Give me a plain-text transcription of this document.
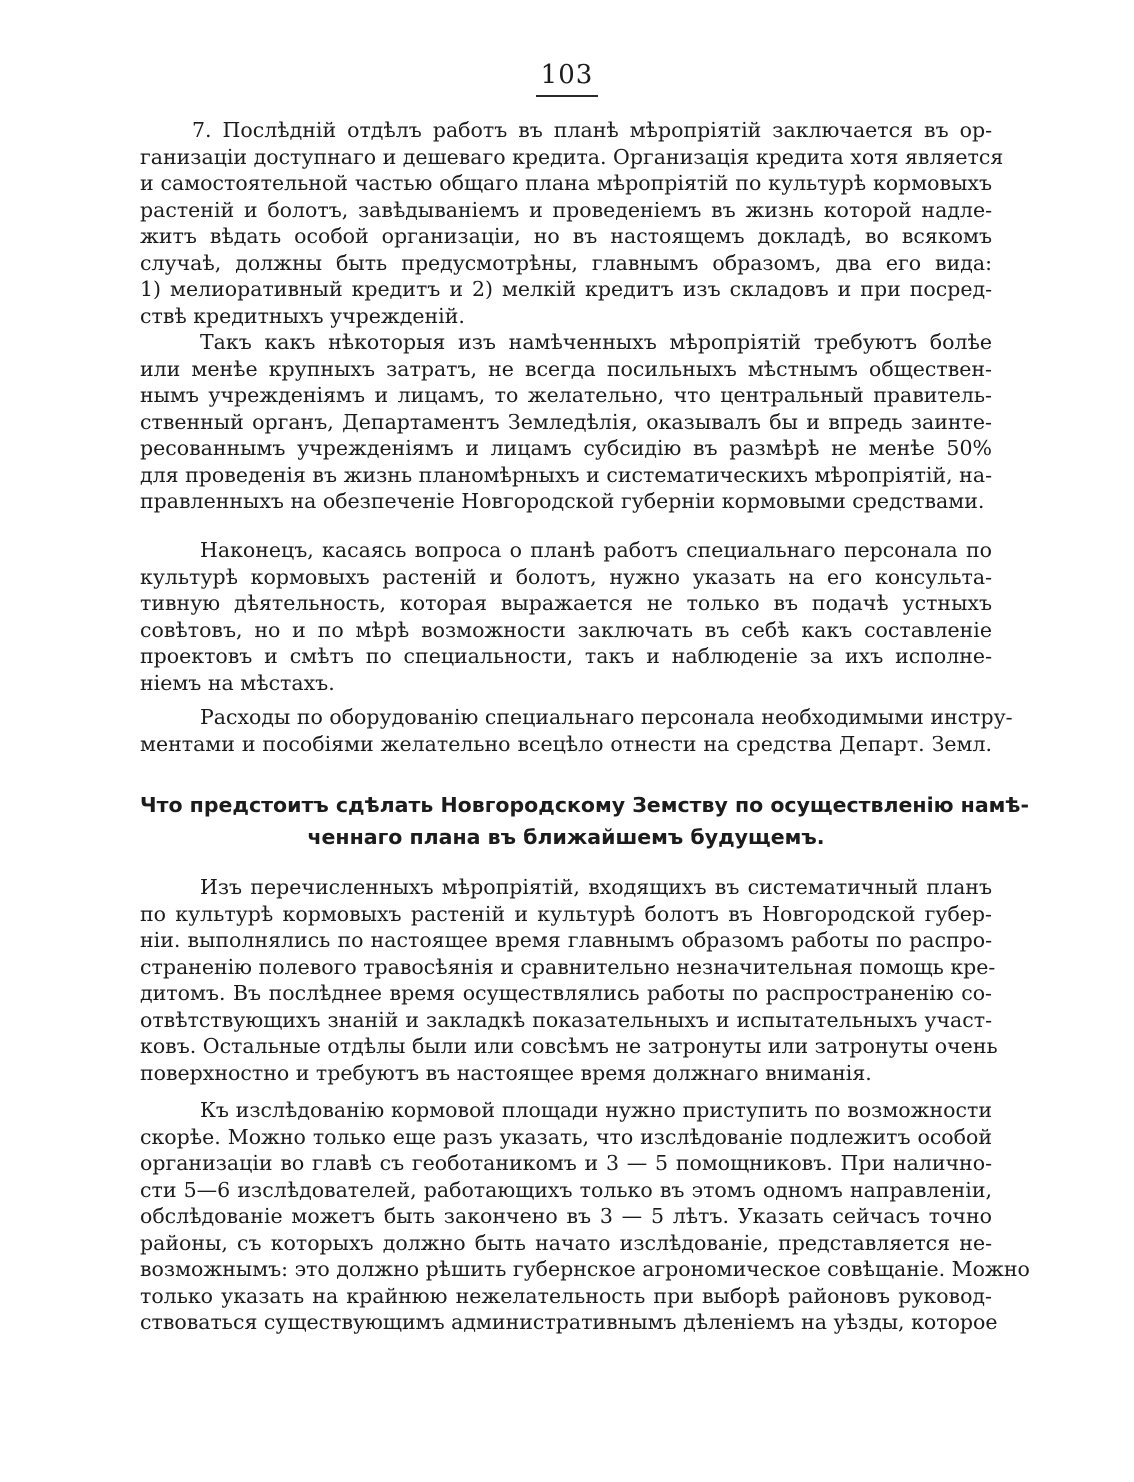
103
7. Послѣдній отдѣлъ работъ въ планѣ мѣропріятій заключается въ ор-
ганизаціи доступнаго и дешеваго кредита. Организація кредита хотя является
и самостоятельной частью общаго плана мѣропріятій по культурѣ кормовыхъ
растеній и болотъ, завѣдываніемъ и проведеніемъ въ жизнь которой надле-
житъ вѣдать особой организаціи, но въ настоящемъ докладѣ, во всякомъ
случаѣ, должны быть предусмотрѣны, главнымъ образомъ, два его вида:
1) мелиоративный кредитъ и 2) мелкій кредитъ изъ складовъ и при посред-
ствѣ кредитныхъ учрежденій.
Такъ какъ нѣкоторыя изъ намѣченныхъ мѣропріятій требуютъ болѣе
или менѣе крупныхъ затратъ, не всегда посильныхъ мѣстнымъ обществен-
нымъ учрежденіямъ и лицамъ, то желательно, что центральный правитель-
ственный органъ, Департаментъ Земледѣлія, оказывалъ бы и впредь заинте-
ресованнымъ учрежденіямъ и лицамъ субсидію въ размѣрѣ не менѣе 50%
для проведенія въ жизнь планомѣрныхъ и систематическихъ мѣропріятій, на-
правленныхъ на обезпеченіе Новгородской губерніи кормовыми средствами.
Наконецъ, касаясь вопроса о планѣ работъ специальнаго персонала по
культурѣ кормовыхъ растеній и болотъ, нужно указать на его консульта-
тивную дѣятельность, которая выражается не только въ подачѣ устныхъ
совѣтовъ, но и по мѣрѣ возможности заключать въ себѣ какъ составленіе
проектовъ и смѣтъ по специальности, такъ и наблюденіе за ихъ исполне-
ніемъ на мѣстахъ.
Расходы по оборудованію специальнаго персонала необходимыми инстру-
ментами и пособіями желательно всецѣло отнести на средства Департ. Земл.
Что предстоитъ сдѣлать Новгородскому Земству по осуществленію намѣ-
ченнаго плана въ ближайшемъ будущемъ.
Изъ перечисленныхъ мѣропріятій, входящихъ въ систематичный планъ
по культурѣ кормовыхъ растеній и культурѣ болотъ въ Новгородской губер-
ніи. выполнялись по настоящее время главнымъ образомъ работы по распро-
страненію полевого травосѣянія и сравнительно незначительная помощь кре-
дитомъ. Въ послѣднее время осуществлялись работы по распространенію со-
отвѣтствующихъ знаній и закладкѣ показательныхъ и испытательныхъ участ-
ковъ. Остальные отдѣлы были или совсѣмъ не затронуты или затронуты очень
поверхностно и требуютъ въ настоящее время должнаго вниманія.
Къ изслѣдованію кормовой площади нужно приступить по возможности
скорѣе. Можно только еще разъ указать, что изслѣдованіе подлежитъ особой
организаціи во главѣ съ геоботаникомъ и 3 — 5 помощниковъ. При налично-
сти 5—6 изслѣдователей, работающихъ только въ этомъ одномъ направленіи,
обслѣдованіе можетъ быть закончено въ 3 — 5 лѣтъ. Указать сейчасъ точно
районы, съ которыхъ должно быть начато изслѣдованіе, представляется не-
возможнымъ: это должно рѣшить губернское агрономическое совѣщаніе. Можно
только указать на крайнюю нежелательность при выборѣ районовъ руковод-
ствоваться существующимъ административнымъ дѣленіемъ на уѣзды, которое
